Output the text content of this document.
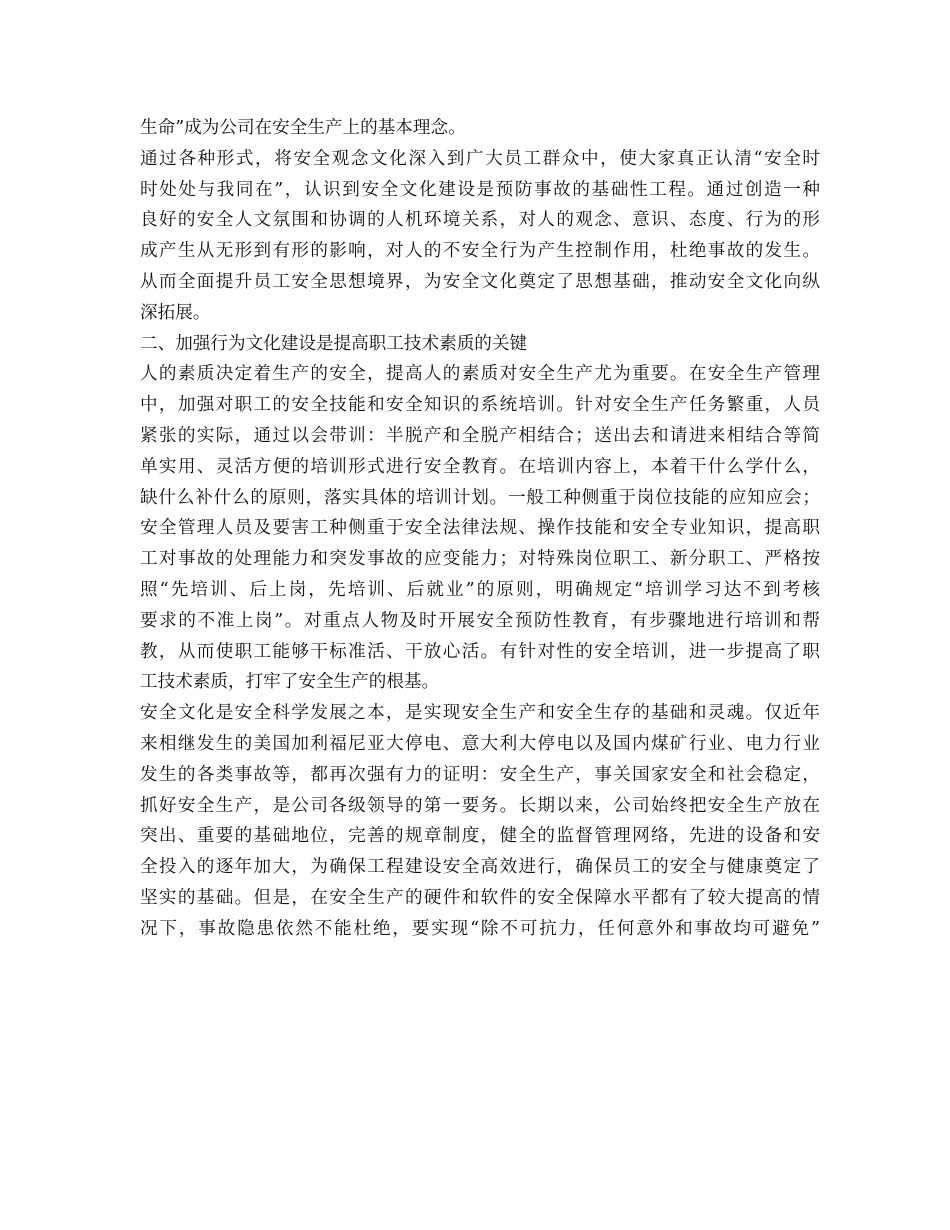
生命”成为公司在安全生产上的基本理念。
通过各种形式，将安全观念文化深入到广大员工群众中，使大家真正认清“安全时
时处处与我同在”，认识到安全文化建设是预防事故的基础性工程。通过创造一种
良好的安全人文氛围和协调的人机环境关系，对人的观念、意识、态度、行为的形
成产生从无形到有形的影响，对人的不安全行为产生控制作用，杜绝事故的发生。
从而全面提升员工安全思想境界，为安全文化奠定了思想基础，推动安全文化向纵
深拓展。
二、加强行为文化建设是提高职工技术素质的关键
人的素质决定着生产的安全，提高人的素质对安全生产尤为重要。在安全生产管理
中，加强对职工的安全技能和安全知识的系统培训。针对安全生产任务繁重，人员
紧张的实际，通过以会带训：半脱产和全脱产相结合；送出去和请进来相结合等简
单实用、灵活方便的培训形式进行安全教育。在培训内容上，本着干什么学什么，
缺什么补什么的原则，落实具体的培训计划。一般工种侧重于岗位技能的应知应会；
安全管理人员及要害工种侧重于安全法律法规、操作技能和安全专业知识，提高职
工对事故的处理能力和突发事故的应变能力；对特殊岗位职工、新分职工、严格按
照“先培训、后上岗，先培训、后就业”的原则，明确规定“培训学习达不到考核
要求的不准上岗”。对重点人物及时开展安全预防性教育，有步骤地进行培训和帮
教，从而使职工能够干标准活、干放心活。有针对性的安全培训，进一步提高了职
工技术素质，打牢了安全生产的根基。
安全文化是安全科学发展之本，是实现安全生产和安全生存的基础和灵魂。仅近年
来相继发生的美国加利福尼亚大停电、意大利大停电以及国内煤矿行业、电力行业
发生的各类事故等，都再次强有力的证明：安全生产，事关国家安全和社会稳定，
抓好安全生产，是公司各级领导的第一要务。长期以来，公司始终把安全生产放在
突出、重要的基础地位，完善的规章制度，健全的监督管理网络，先进的设备和安
全投入的逐年加大，为确保工程建设安全高效进行，确保员工的安全与健康奠定了
坚实的基础。但是，在安全生产的硬件和软件的安全保障水平都有了较大提高的情
况下，事故隐患依然不能杜绝，要实现“除不可抗力，任何意外和事故均可避免”
